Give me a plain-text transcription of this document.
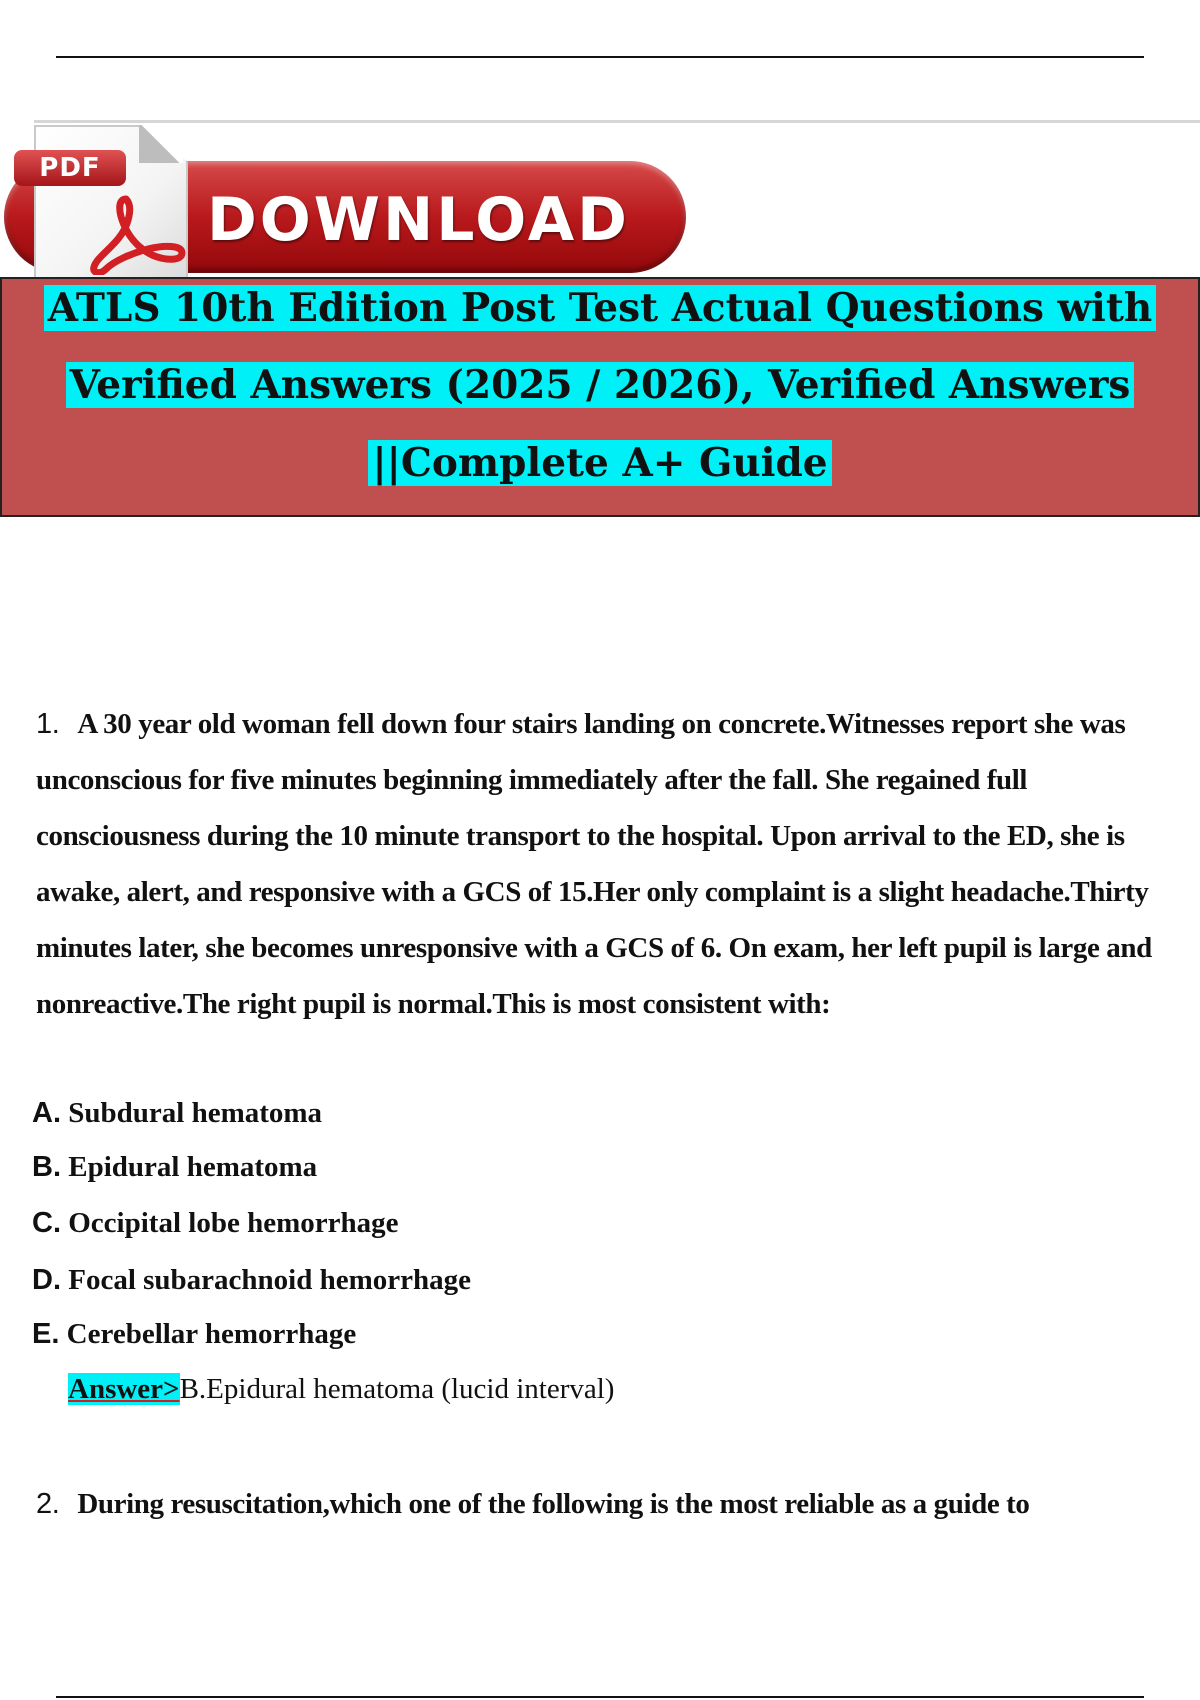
DOWNLOAD
PDF
ATLS 10th Edition Post Test Actual Questions with
Verified Answers (2025 / 2026), Verified Answers
||Complete A+ Guide

1. A 30 year old woman fell down four stairs landing on concrete.Witnesses report she was unconscious for five minutes beginning immediately after the fall. She regained full consciousness during the 10 minute transport to the hospital. Upon arrival to the ED, she is awake, alert, and responsive with a GCS of 15.Her only complaint is a slight headache.Thirty minutes later, she becomes unresponsive with a GCS of 6. On exam, her left pupil is large and nonreactive.The right pupil is normal.This is most consistent with:

A. Subdural hematoma
B. Epidural hematoma
C. Occipital lobe hemorrhage
D. Focal subarachnoid hemorrhage
E. Cerebellar hemorrhage
Answer>B.Epidural hematoma (lucid interval)

2. During resuscitation,which one of the following is the most reliable as a guide to
